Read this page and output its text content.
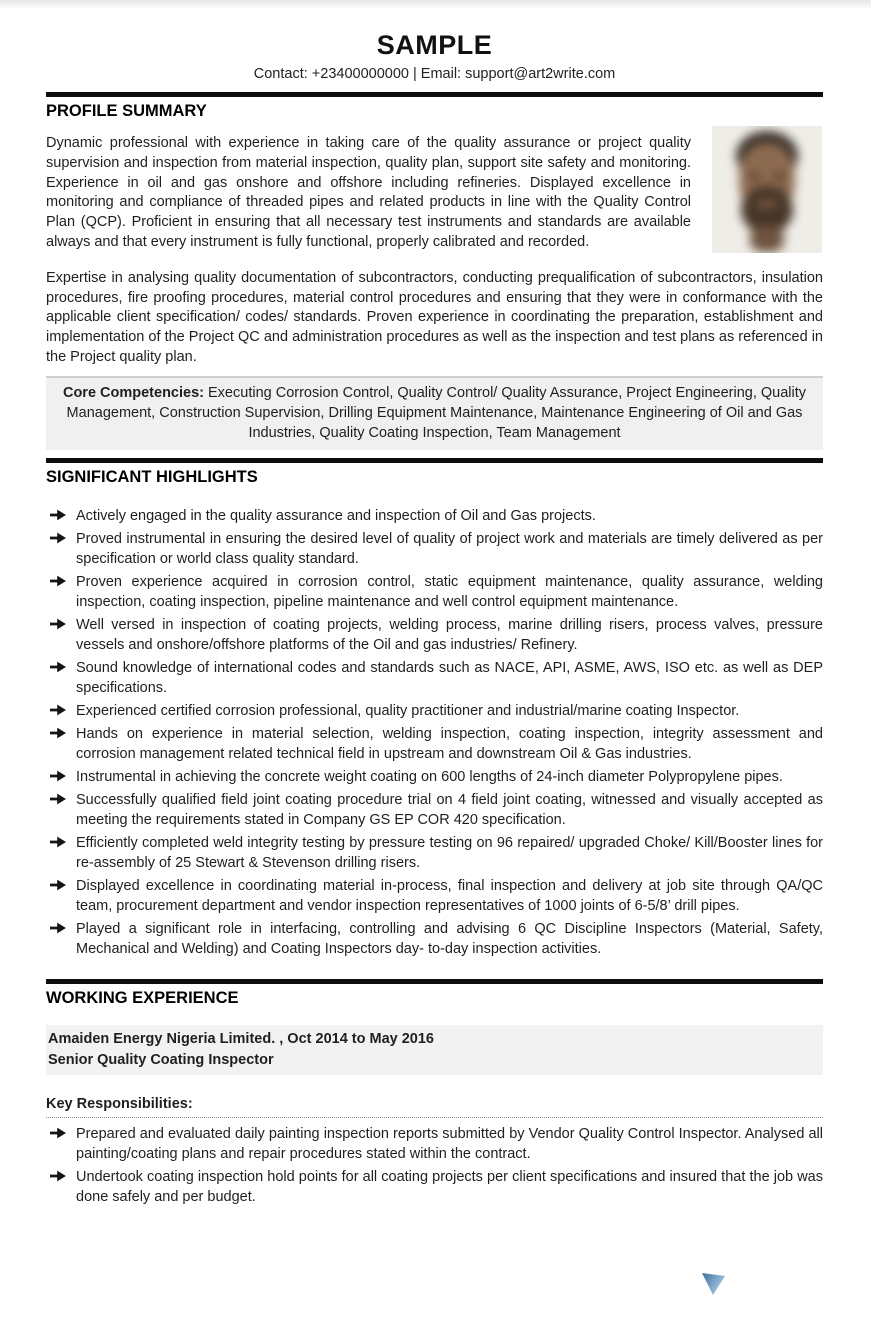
SAMPLE
Contact: +23400000000 | Email: support@art2write.com
PROFILE SUMMARY

Dynamic professional with experience in taking care of the quality assurance or project quality supervision and inspection from material inspection, quality plan, support site safety and monitoring. Experience in oil and gas onshore and offshore including refineries. Displayed excellence in monitoring and compliance of threaded pipes and related products in line with the Quality Control Plan (QCP). Proficient in ensuring that all necessary test instruments and standards are available always and that every instrument is fully functional, properly calibrated and recorded.

Expertise in analysing quality documentation of subcontractors, conducting prequalification of subcontractors, insulation procedures, fire proofing procedures, material control procedures and ensuring that they were in conformance with the applicable client specification/ codes/ standards. Proven experience in coordinating the preparation, establishment and implementation of the Project QC and administration procedures as well as the inspection and test plans as referenced in the Project quality plan.

Core Competencies: Executing Corrosion Control, Quality Control/ Quality Assurance, Project Engineering, Quality Management, Construction Supervision, Drilling Equipment Maintenance, Maintenance Engineering of Oil and Gas Industries, Quality Coating Inspection, Team Management
SIGNIFICANT HIGHLIGHTS
Actively engaged in the quality assurance and inspection of Oil and Gas projects.
Proved instrumental in ensuring the desired level of quality of project work and materials are timely delivered as per specification or world class quality standard.
Proven experience acquired in corrosion control, static equipment maintenance, quality assurance, welding inspection, coating inspection, pipeline maintenance and well control equipment maintenance.
Well versed in inspection of coating projects, welding process, marine drilling risers, process valves, pressure vessels and onshore/offshore platforms of the Oil and gas industries/ Refinery.
Sound knowledge of international codes and standards such as NACE, API, ASME, AWS, ISO etc. as well as DEP specifications.
Experienced certified corrosion professional, quality practitioner and industrial/marine coating Inspector.
Hands on experience in material selection, welding inspection, coating inspection, integrity assessment and corrosion management related technical field in upstream and downstream Oil & Gas industries.
Instrumental in achieving the concrete weight coating on 600 lengths of 24-inch diameter Polypropylene pipes.
Successfully qualified field joint coating procedure trial on 4 field joint coating, witnessed and visually accepted as meeting the requirements stated in Company GS EP COR 420 specification.
Efficiently completed weld integrity testing by pressure testing on 96 repaired/ upgraded Choke/ Kill/Booster lines for re-assembly of 25 Stewart & Stevenson drilling risers.
Displayed excellence in coordinating material in-process, final inspection and delivery at job site through QA/QC team, procurement department and vendor inspection representatives of 1000 joints of 6-5/8’ drill pipes.
Played a significant role in interfacing, controlling and advising 6 QC Discipline Inspectors (Material, Safety, Mechanical and Welding) and Coating Inspectors day- to-day inspection activities.
WORKING EXPERIENCE
Amaiden Energy Nigeria Limited. , Oct 2014 to May 2016
Senior Quality Coating Inspector
Key Responsibilities:
Prepared and evaluated daily painting inspection reports submitted by Vendor Quality Control Inspector. Analysed all painting/coating plans and repair procedures stated within the contract.
Undertook coating inspection hold points for all coating projects per client specifications and insured that the job was done safely and per budget.
